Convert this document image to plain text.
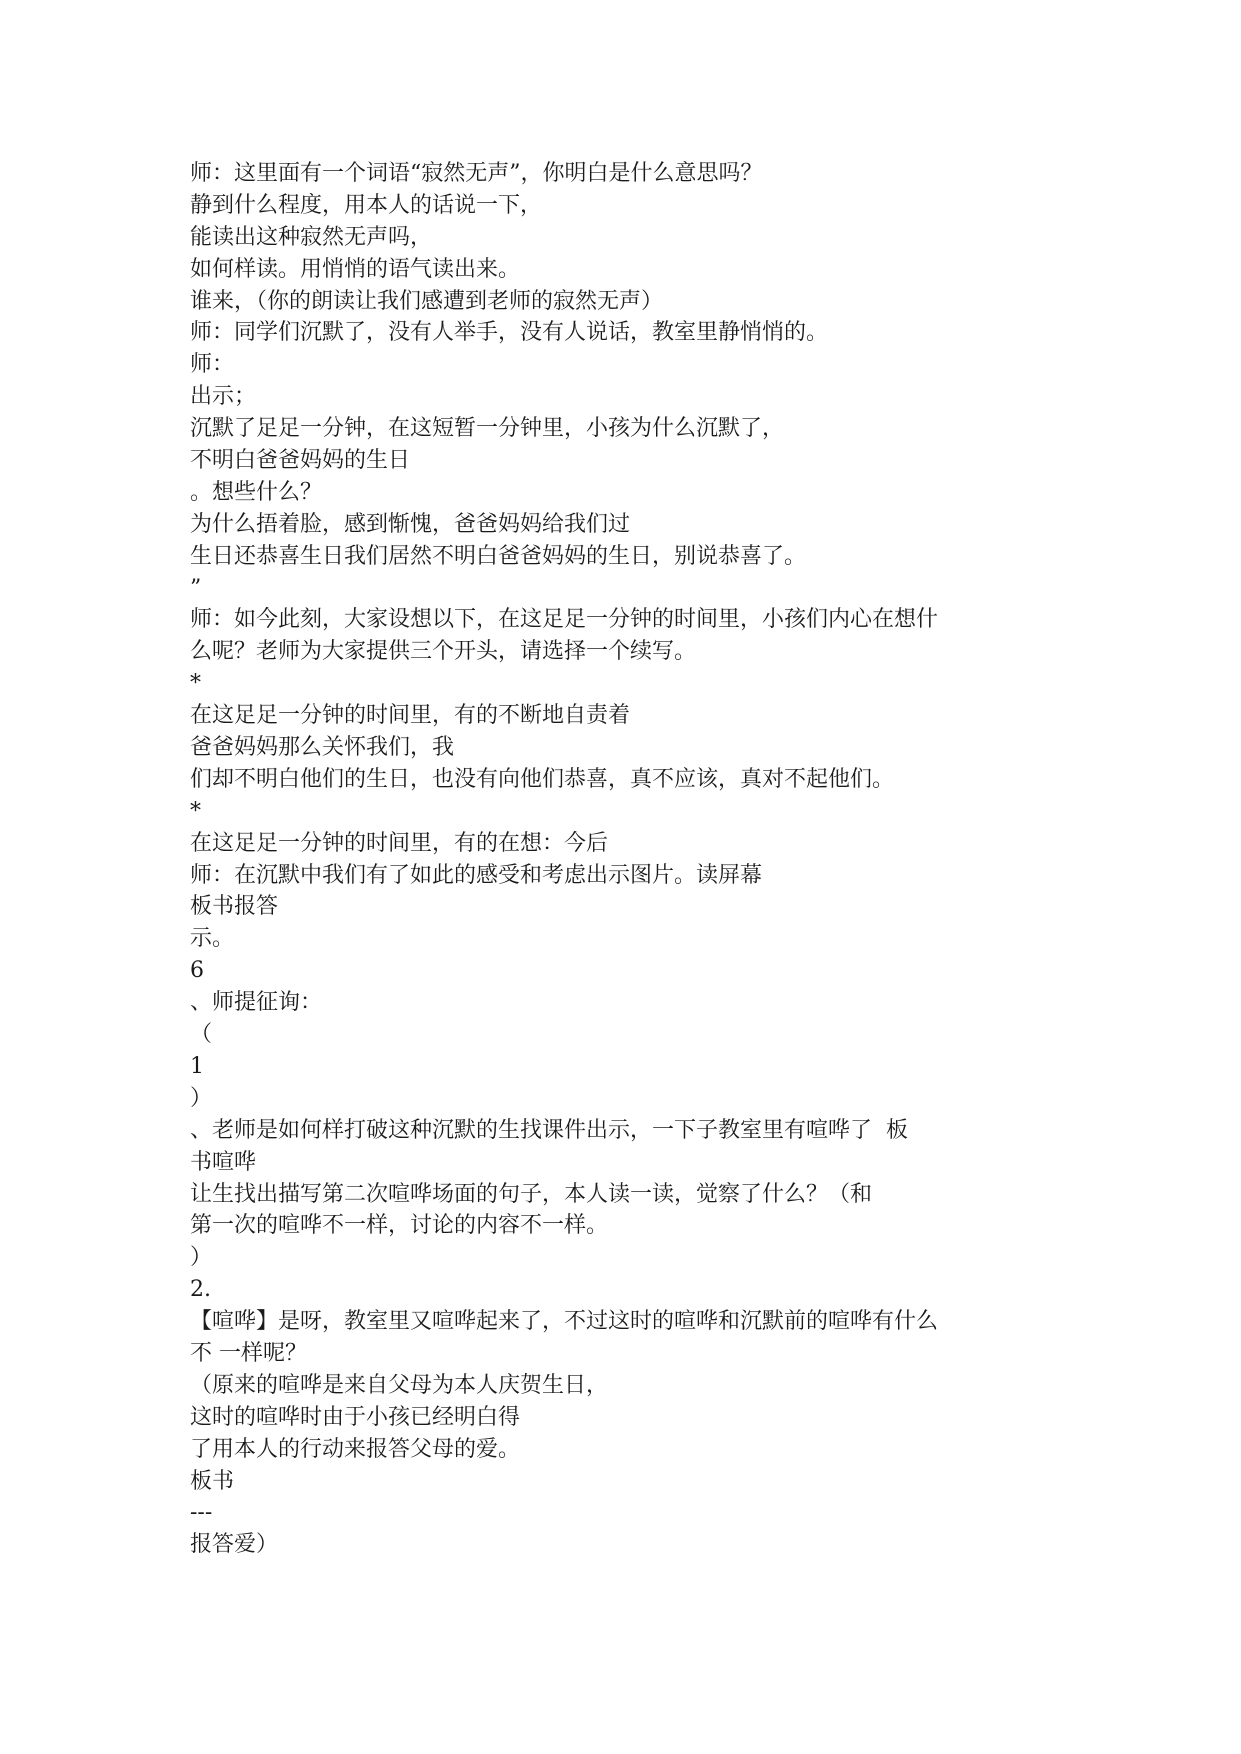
师：这里面有一个词语“寂然无声”，你明白是什么意思吗？
静到什么程度，用本人的话说一下，
能读出这种寂然无声吗，
如何样读。用悄悄的语气读出来。
谁来，（你的朗读让我们感遭到老师的寂然无声）
师：同学们沉默了，没有人举手，没有人说话，教室里静悄悄的。
师：
出示；
沉默了足足一分钟，在这短暂一分钟里，小孩为什么沉默了，
不明白爸爸妈妈的生日
。想些什么？
为什么捂着脸，感到惭愧，爸爸妈妈给我们过
生日还恭喜生日我们居然不明白爸爸妈妈的生日，别说恭喜了。
”
师：如今此刻，大家设想以下，在这足足一分钟的时间里，小孩们内心在想什
么呢？老师为大家提供三个开头，请选择一个续写。
*
在这足足一分钟的时间里，有的不断地自责着
爸爸妈妈那么关怀我们，我
们却不明白他们的生日，也没有向他们恭喜，真不应该，真对不起他们。
*
在这足足一分钟的时间里，有的在想：今后
师：在沉默中我们有了如此的感受和考虑出示图片。读屏幕
板书报答
示。
6
、师提征询：
（
1
）
、老师是如何样打破这种沉默的生找课件出示，一下子教室里有喧哗了  板
书喧哗
让生找出描写第二次喧哗场面的句子，本人读一读，觉察了什么？（和
第一次的喧哗不一样，讨论的内容不一样。
）
2.
【喧哗】是呀，教室里又喧哗起来了，不过这时的喧哗和沉默前的喧哗有什么
不 一样呢？
（原来的喧哗是来自父母为本人庆贺生日，
这时的喧哗时由于小孩已经明白得
了用本人的行动来报答父母的爱。
板书
---
报答爱）
